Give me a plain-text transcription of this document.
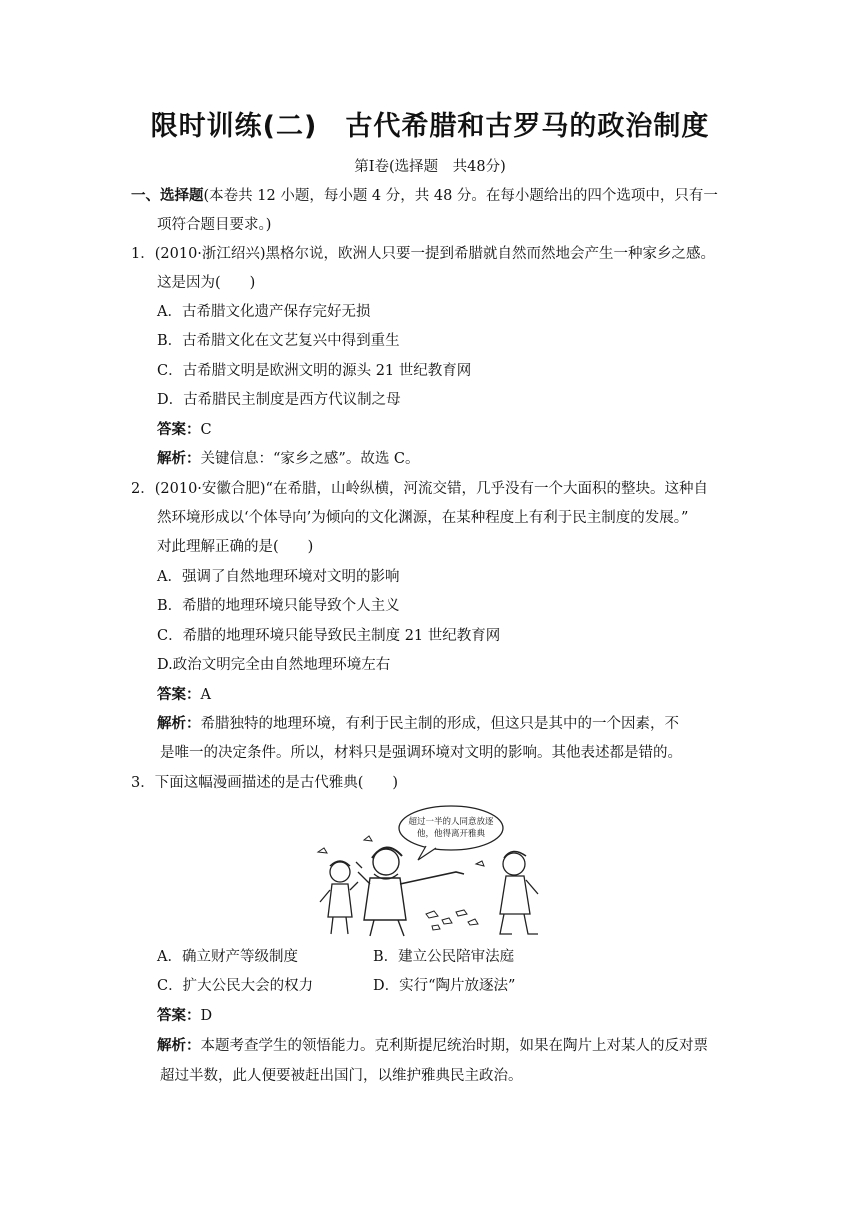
限时训练(二)　古代希腊和古罗马的政治制度
第Ⅰ卷(选择题　共48分)
一、选择题(本卷共 12 小题，每小题 4 分，共 48 分。在每小题给出的四个选项中，只有一
项符合题目要求。)
1．(2010·浙江绍兴)黑格尔说，欧洲人只要一提到希腊就自然而然地会产生一种家乡之感。
这是因为(　　)
A．古希腊文化遗产保存完好无损
B．古希腊文化在文艺复兴中得到重生
C．古希腊文明是欧洲文明的源头 21 世纪教育网
D．古希腊民主制度是西方代议制之母
答案：C
解析：关键信息：“家乡之感”。故选 C。
2．(2010·安徽合肥)“在希腊，山岭纵横，河流交错，几乎没有一个大面积的整块。这种自
然环境形成以‘个体导向’为倾向的文化渊源，在某种程度上有利于民主制度的发展。”
对此理解正确的是(　　)
A．强调了自然地理环境对文明的影响
B．希腊的地理环境只能导致个人主义
C．希腊的地理环境只能导致民主制度 21 世纪教育网
D.政治文明完全由自然地理环境左右
答案：A
解析：希腊独特的地理环境，有利于民主制的形成，但这只是其中的一个因素，不
是唯一的决定条件。所以，材料只是强调环境对文明的影响。其他表述都是错的。
3．下面这幅漫画描述的是古代雅典(　　)
超过一半的人同意放逐
他，他得离开雅典
A．确立财产等级制度	B．建立公民陪审法庭
C．扩大公民大会的权力	D．实行“陶片放逐法”
答案：D
解析：本题考查学生的领悟能力。克利斯提尼统治时期，如果在陶片上对某人的反对票
超过半数，此人便要被赶出国门，以维护雅典民主政治。
